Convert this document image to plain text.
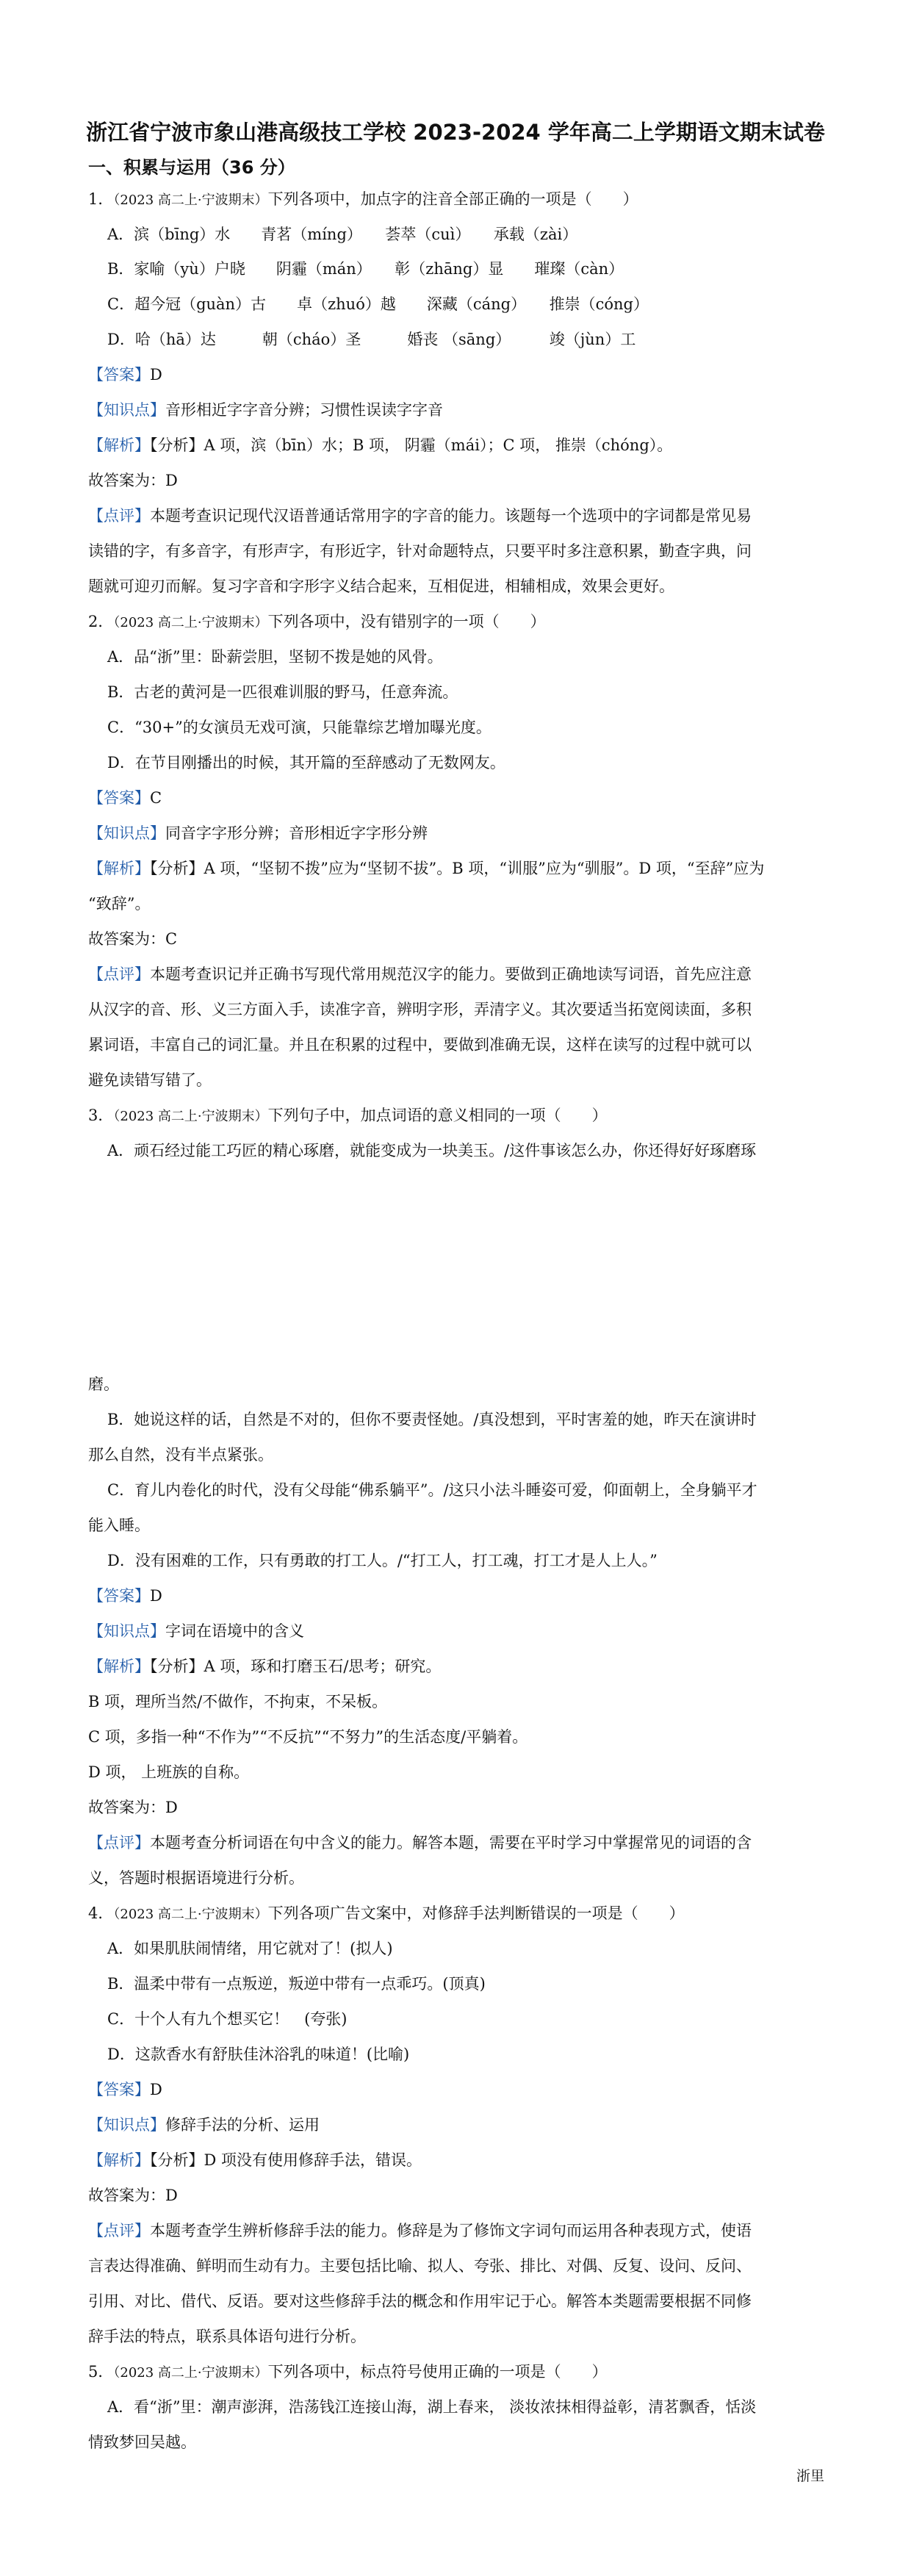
浙江省宁波市象山港高级技工学校 2023-2024 学年高二上学期语文期末试卷
一、积累与运用（36 分）
1．（2023 高二上·宁波期末）下列各项中，加点字的注音全部正确的一项是（　　）
A．滨（bīng）水　　青茗（míng）　　荟萃（cuì）　　承载（zài）
B．家喻（yù）户晓　　阴霾（mán）　　彰（zhāng）显　　璀璨（càn）
C．超今冠（guàn）古　　卓（zhuó）越　　深藏（cáng）　　推崇（cóng）
D．哈（hā）达　　　朝（cháo）圣　　　婚丧 （sāng）　　　竣（jùn）工
【答案】D
【知识点】音形相近字字音分辨；习惯性误读字字音
【解析】【分析】A 项，滨（bīn）水；B 项， 阴霾（mái）；C 项， 推崇（chóng）。
故答案为：D
【点评】本题考查识记现代汉语普通话常用字的字音的能力。该题每一个选项中的字词都是常见易
读错的字，有多音字，有形声字，有形近字，针对命题特点，只要平时多注意积累，勤查字典，问
题就可迎刃而解。复习字音和字形字义结合起来，互相促进，相辅相成，效果会更好。
2．（2023 高二上·宁波期末）下列各项中，没有错别字的一项（　　）
A．品“浙”里：卧薪尝胆，坚韧不拨是她的风骨。
B．古老的黄河是一匹很难训服的野马，任意奔流。
C．“30+”的女演员无戏可演，只能靠综艺增加曝光度。
D．在节目刚播出的时候，其开篇的至辞感动了无数网友。
【答案】C
【知识点】同音字字形分辨；音形相近字字形分辨
【解析】【分析】A 项，“坚韧不拨”应为“坚韧不拔”。B 项，“训服”应为“驯服”。D 项，“至辞”应为
“致辞”。
故答案为：C
【点评】本题考查识记并正确书写现代常用规范汉字的能力。要做到正确地读写词语，首先应注意
从汉字的音、形、义三方面入手，读准字音，辨明字形，弄清字义。其次要适当拓宽阅读面，多积
累词语，丰富自己的词汇量。并且在积累的过程中，要做到准确无误，这样在读写的过程中就可以
避免读错写错了。
3．（2023 高二上·宁波期末）下列句子中，加点词语的意义相同的一项（　　）
A．顽石经过能工巧匠的精心琢磨，就能变成为一块美玉。/这件事该怎么办，你还得好好琢磨琢
磨。
B．她说这样的话，自然是不对的，但你不要责怪她。/真没想到，平时害羞的她，昨天在演讲时
那么自然，没有半点紧张。
C．育儿内卷化的时代，没有父母能“佛系躺平”。/这只小法斗睡姿可爱，仰面朝上，全身躺平才
能入睡。
D．没有困难的工作，只有勇敢的打工人。/“打工人，打工魂，打工才是人上人。”
【答案】D
【知识点】字词在语境中的含义
【解析】【分析】A 项，琢和打磨玉石/思考；研究。
B 项，理所当然/不做作，不拘束，不呆板。
C 项，多指一种“不作为”“不反抗”“不努力”的生活态度/平躺着。
D 项， 上班族的自称。
故答案为：D
【点评】本题考查分析词语在句中含义的能力。解答本题，需要在平时学习中掌握常见的词语的含
义，答题时根据语境进行分析。
4．（2023 高二上·宁波期末）下列各项广告文案中，对修辞手法判断错误的一项是（　　）
A．如果肌肤闹情绪，用它就对了！(拟人)
B．温柔中带有一点叛逆，叛逆中带有一点乖巧。(顶真)
C．十个人有九个想买它！　(夸张)
D．这款香水有舒肤佳沐浴乳的味道！(比喻)
【答案】D
【知识点】修辞手法的分析、运用
【解析】【分析】D 项没有使用修辞手法，错误。
故答案为：D
【点评】本题考查学生辨析修辞手法的能力。修辞是为了修饰文字词句而运用各种表现方式，使语
言表达得准确、鲜明而生动有力。主要包括比喻、拟人、夸张、排比、对偶、反复、设问、反问、
引用、对比、借代、反语。要对这些修辞手法的概念和作用牢记于心。解答本类题需要根据不同修
辞手法的特点，联系具体语句进行分析。
5．（2023 高二上·宁波期末）下列各项中，标点符号使用正确的一项是（　　）
A．看“浙”里：潮声澎湃，浩荡钱江连接山海，湖上春来， 淡妆浓抹相得益彰，清茗飘香，恬淡
情致梦回吴越。
浙里
